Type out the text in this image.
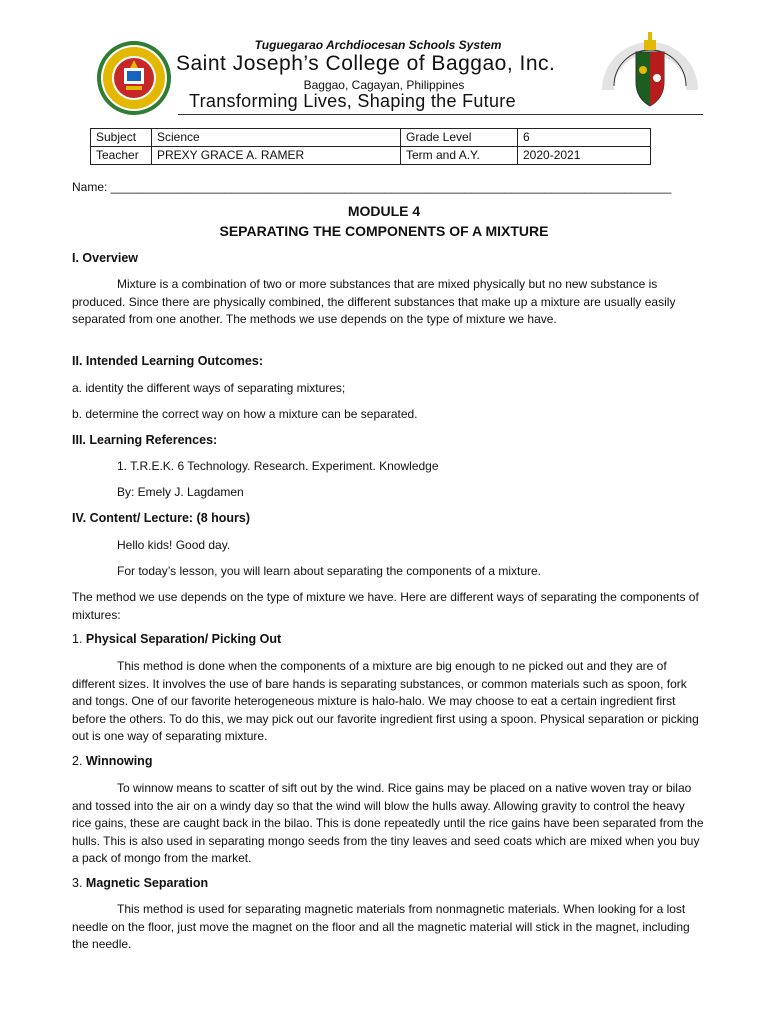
Tuguegarao Archdiocesan Schools System
Saint Joseph’s College of Baggao, Inc.
Baggao, Cagayan, Philippines
Transforming Lives, Shaping the Future
Subject	Science	Grade Level	6
Teacher	PREXY GRACE A. RAMER	Term and A.Y.	2020-2021
Name: ____________________________________________________________________________________
MODULE 4
SEPARATING THE COMPONENTS OF A MIXTURE
I. Overview

Mixture is a combination of two or more substances that are mixed physically but no new substance is produced. Since there are physically combined, the different substances that make up a mixture are usually easily separated from one another. The methods we use depends on the type of mixture we have.

II. Intended Learning Outcomes:
a. identity the different ways of separating mixtures;
b. determine the correct way on how a mixture can be separated.
III. Learning References:
1. T.R.E.K. 6 Technology. Research. Experiment. Knowledge
By: Emely J. Lagdamen
IV. Content/ Lecture: (8 hours)
Hello kids! Good day.
For today’s lesson, you will learn about separating the components of a mixture.

The method we use depends on the type of mixture we have. Here are different ways of separating the components of mixtures:

1. Physical Separation/ Picking Out

This method is done when the components of a mixture are big enough to ne picked out and they are of different sizes. It involves the use of bare hands is separating substances, or common materials such as spoon, fork and tongs. One of our favorite heterogeneous mixture is halo-halo. We may choose to eat a certain ingredient first before the others. To do this, we may pick out our favorite ingredient first using a spoon. Physical separation or picking out is one way of separating mixture.

2. Winnowing

To winnow means to scatter of sift out by the wind. Rice gains may be placed on a native woven tray or bilao and tossed into the air on a windy day so that the wind will blow the hulls away. Allowing gravity to control the heavy rice gains, these are caught back in the bilao. This is done repeatedly until the rice gains have been separated from the hulls. This is also used in separating mongo seeds from the tiny leaves and seed coats which are mixed when you buy a pack of mongo from the market.

3. Magnetic Separation

This method is used for separating magnetic materials from nonmagnetic materials. When looking for a lost needle on the floor, just move the magnet on the floor and all the magnetic material will stick in the magnet, including the needle.
